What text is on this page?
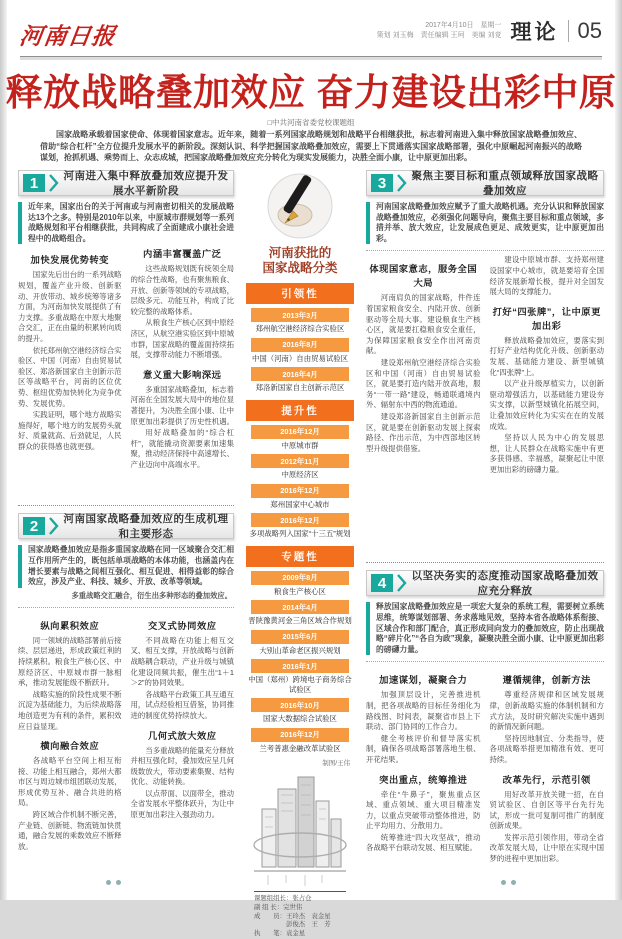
河南日报	2017年4月10日　星期一
策划 刘玉梅　责任编辑 王珂　美编 刘竞 理论 05
释放战略叠加效应 奋力建设出彩中原
□中共河南省委党校课题组
国家战略承载着国家使命、体现着国家意志。近年来，随着一系列国家战略规划和战略平台相继获批，标志着河南进入集中释放国家战略叠加效应、借助“综合杠杆”全方位提升发展水平的新阶段。深刻认识、科学把握国家战略叠加效应，需要上下贯通落实国家战略部署，强化中原崛起河南振兴的战略谋划，抢抓机遇、乘势而上、众志成城，把国家战略叠加效应充分转化为现实发展能力，决胜全面小康，让中原更加出彩。
1	河南进入集中释放叠加效应提升发展水平新阶段

近年来，国家出台的关于河南或与河南密切相关的发展战略达13个之多。特别是2010年以来，中原城市群规划等一系列战略规划和平台相继获批，共同构成了全面建成小康社会进程中的战略组合。

加快发展优势转变

国家先后出台的一系列战略规划，覆盖产业升级、创新驱动、开放带动、城乡统筹等诸多方面，为河南加快发展提供了有力支撑。多重战略在中原大地聚合交汇，正在由量的积累转向质的提升。

依托郑州航空港经济综合实验区、中国（河南）自由贸易试验区、郑洛新国家自主创新示范区等战略平台，河南的区位优势、枢纽优势加快转化为竞争优势、发展优势。

实践证明，哪个地方战略实施得好，哪个地方的发展势头就好、质量就高、后劲就足，人民群众的获得感也就更强。

内涵丰富覆盖广泛

这些战略规划既有统领全局的综合性战略，也有聚焦粮食、开放、创新等领域的专项战略，层级多元、功能互补，构成了比较完整的战略体系。

从粮食生产核心区到中原经济区，从航空港实验区到中原城市群，国家战略的覆盖面持续拓展，支撑带动能力不断增强。

意义重大影响深远

多重国家战略叠加，标志着河南在全国发展大局中的地位显著提升，为决胜全面小康、让中原更加出彩提供了历史性机遇。

用好战略叠加的“综合杠杆”，就能撬动资源要素加速集聚，推动经济保持中高速增长、产业迈向中高端水平。

2	河南国家战略叠加效应的生成机理和主要形态

国家战略叠加效应是指多重国家战略在同一区域聚合交汇相互作用所产生的，既包括单项战略的本体功能，也涵盖内在增长要素与战略之间相互强化、相互促进、相得益彰的综合效应，涉及产业、科技、城乡、开放、改革等领域。

多重战略交汇融合，衍生出多种形态的叠加效应。
纵向累积效应

同一领域的战略部署前后接续、层层递进，形成政策红利的持续累积。粮食生产核心区、中原经济区、中原城市群一脉相承，推动发展能级不断跃升。

战略实施的阶段性成果不断沉淀为基础能力，为后续战略落地创造更为有利的条件，累积效应日益显现。

横向融合效应

各战略平台空间上相互衔接、功能上相互融合，郑州大都市区与周边城市组团联动发展，形成优势互补、融合共进的格局。

跨区域合作机制不断完善，产业链、创新链、物流链加快贯通，融合发展的乘数效应不断释放。

交叉式协同效应

不同战略在功能上相互交叉、相互支撑，开放战略与创新战略耦合联动，产业升级与城镇化建设同频共振，催生出“1＋1＞2”的协同效果。

各战略平台政策工具互通互用，试点经验相互借鉴，协同推进的制度优势持续放大。

几何式放大效应

当多重战略的能量充分释放并相互强化时，叠加效应呈几何级数放大，带动要素集聚、结构优化、动能转换。

以点带面、以面带全，推动全省发展水平整体跃升，为让中原更加出彩注入强劲动力。

河南获批的
国家战略分类
引领性
2013年3月
郑州航空港经济综合实验区
2016年8月
中国（河南）自由贸易试验区
2016年4月
郑洛新国家自主创新示范区
提升性
2016年12月
中原城市群
2012年11月
中原经济区
2016年12月
郑州国家中心城市
2016年12月
多项战略列入国家“十三五”规划
专题性
2009年8月
粮食生产核心区
2014年4月
晋陕豫黄河金三角区域合作规划
2015年6月
大别山革命老区振兴规划
2016年1月
中国（郑州）跨境电子商务综合试验区
2016年10月
国家大数据综合试验区
2016年12月
兰考普惠金融改革试验区
制图/王伟
课题组组长：张占仓
副 组 长：完世伟
成　　员：王玲杰　袁金星
　　　　　彭俊杰　王　芳
执　　笔：袁金星
3	聚焦主要目标和重点领域释放国家战略叠加效应

河南国家战略叠加效应赋予了重大战略机遇。充分认识和释放国家战略叠加效应，必须强化问题导向，聚焦主要目标和重点领域，多措并举、放大效应，让发展成色更足、成效更实，让中原更加出彩。

体现国家意志，服务全国大局

河南肩负的国家战略，件件连着国家粮食安全、内陆开放、创新驱动等全局大事。建设粮食生产核心区，就是要扛稳粮食安全重任，为保障国家粮食安全作出河南贡献。

建设郑州航空港经济综合实验区和中国（河南）自由贸易试验区，就是要打造内陆开放高地，服务“一带一路”建设，畅通联通境内外、辐射东中西的物流通道。

建设郑洛新国家自主创新示范区，就是要在创新驱动发展上探索路径、作出示范，为中西部地区转型升级提供借鉴。

建设中原城市群、支持郑州建设国家中心城市，就是要培育全国经济发展新增长极，提升对全国发展大局的支撑能力。

打好“四张牌”，让中原更加出彩

释放战略叠加效应，要落实到打好产业结构优化升级、创新驱动发展、基础能力建设、新型城镇化“四张牌”上。

以产业升级厚植实力，以创新驱动增强活力，以基础能力建设夯实支撑，以新型城镇化拓展空间，让叠加效应转化为实实在在的发展成效。

坚持以人民为中心的发展思想，让人民群众在战略实施中有更多获得感、幸福感，凝聚起让中原更加出彩的磅礴力量。

4	以坚决务实的态度推动国家战略叠加效应充分释放

释放国家战略叠加效应是一项宏大复杂的系统工程，需要树立系统思维，统筹谋划部署、务求落地见效，坚持本省各战略体系衔接、区域合作和部门配合，真正形成同向发力的叠加效应，防止出现战略“碎片化”“各自为政”现象，凝聚决胜全面小康、让中原更加出彩的磅礴力量。

加速谋划，凝聚合力

加强顶层设计，完善推进机制，把各项战略的目标任务细化为路线图、时间表，凝聚省市县上下联动、部门协同的工作合力。

健全考核评价和督导落实机制，确保各项战略部署落地生根、开花结果。

突出重点，统筹推进

牵住“牛鼻子”，聚焦重点区域、重点领域、重大项目精准发力，以重点突破带动整体推进，防止平均用力、分散用力。

统筹推进“四大攻坚战”，推动各战略平台联动发展、相互赋能。

遵循规律，创新方法

尊重经济规律和区域发展规律，创新战略实施的体制机制和方式方法，及时研究解决实施中遇到的新情况新问题。

坚持因地制宜、分类指导，使各项战略举措更加精准有效、更可持续。

改革先行，示范引领

用好改革开放关键一招，在自贸试验区、自创区等平台先行先试，形成一批可复制可推广的制度创新成果。

发挥示范引领作用，带动全省改革发展大局，让中原在实现中国梦的进程中更加出彩。
